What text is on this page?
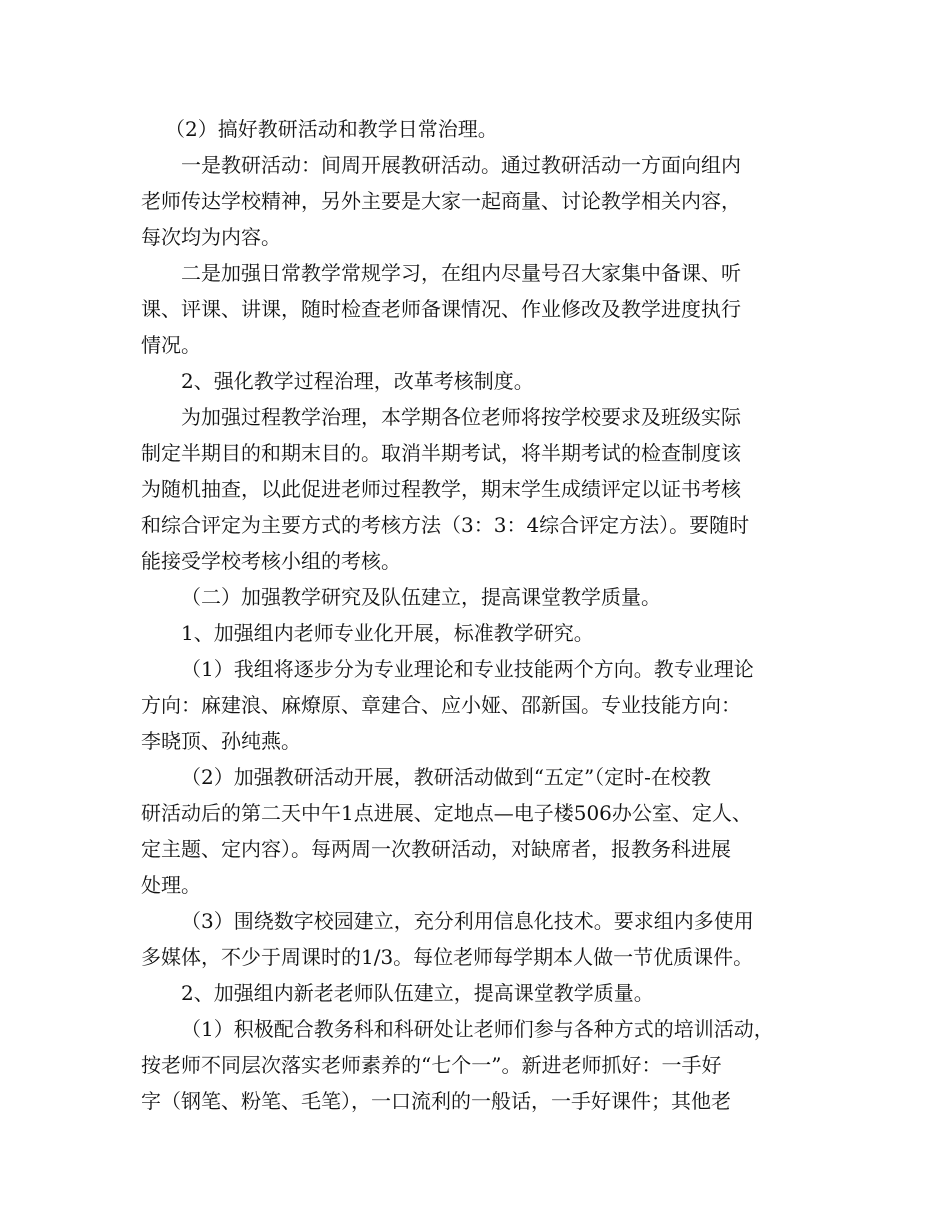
（2）搞好教研活动和教学日常治理。
一是教研活动：间周开展教研活动。通过教研活动一方面向组内
老师传达学校精神，另外主要是大家一起商量、讨论教学相关内容，
每次均为内容。
二是加强日常教学常规学习，在组内尽量号召大家集中备课、听
课、评课、讲课，随时检查老师备课情况、作业修改及教学进度执行
情况。
2、强化教学过程治理，改革考核制度。
为加强过程教学治理，本学期各位老师将按学校要求及班级实际
制定半期目的和期末目的。取消半期考试，将半期考试的检查制度该
为随机抽查，以此促进老师过程教学，期末学生成绩评定以证书考核
和综合评定为主要方式的考核方法（3：3：4综合评定方法）。要随时
能接受学校考核小组的考核。
（二）加强教学研究及队伍建立，提高课堂教学质量。
1、加强组内老师专业化开展，标准教学研究。
（1）我组将逐步分为专业理论和专业技能两个方向。教专业理论
方向：麻建浪、麻燎原、章建合、应小娅、邵新国。专业技能方向：
李晓顶、孙纯燕。
（2）加强教研活动开展，教研活动做到“五定”（定时-在校教
研活动后的第二天中午1点进展、定地点—电子楼506办公室、定人、
定主题、定内容）。每两周一次教研活动，对缺席者，报教务科进展
处理。
（3）围绕数字校园建立，充分利用信息化技术。要求组内多使用
多媒体，不少于周课时的1/3。每位老师每学期本人做一节优质课件。
2、加强组内新老老师队伍建立，提高课堂教学质量。
（1）积极配合教务科和科研处让老师们参与各种方式的培训活动，
按老师不同层次落实老师素养的“七个一”。新进老师抓好：一手好
字（钢笔、粉笔、毛笔），一口流利的一般话，一手好课件；其他老
